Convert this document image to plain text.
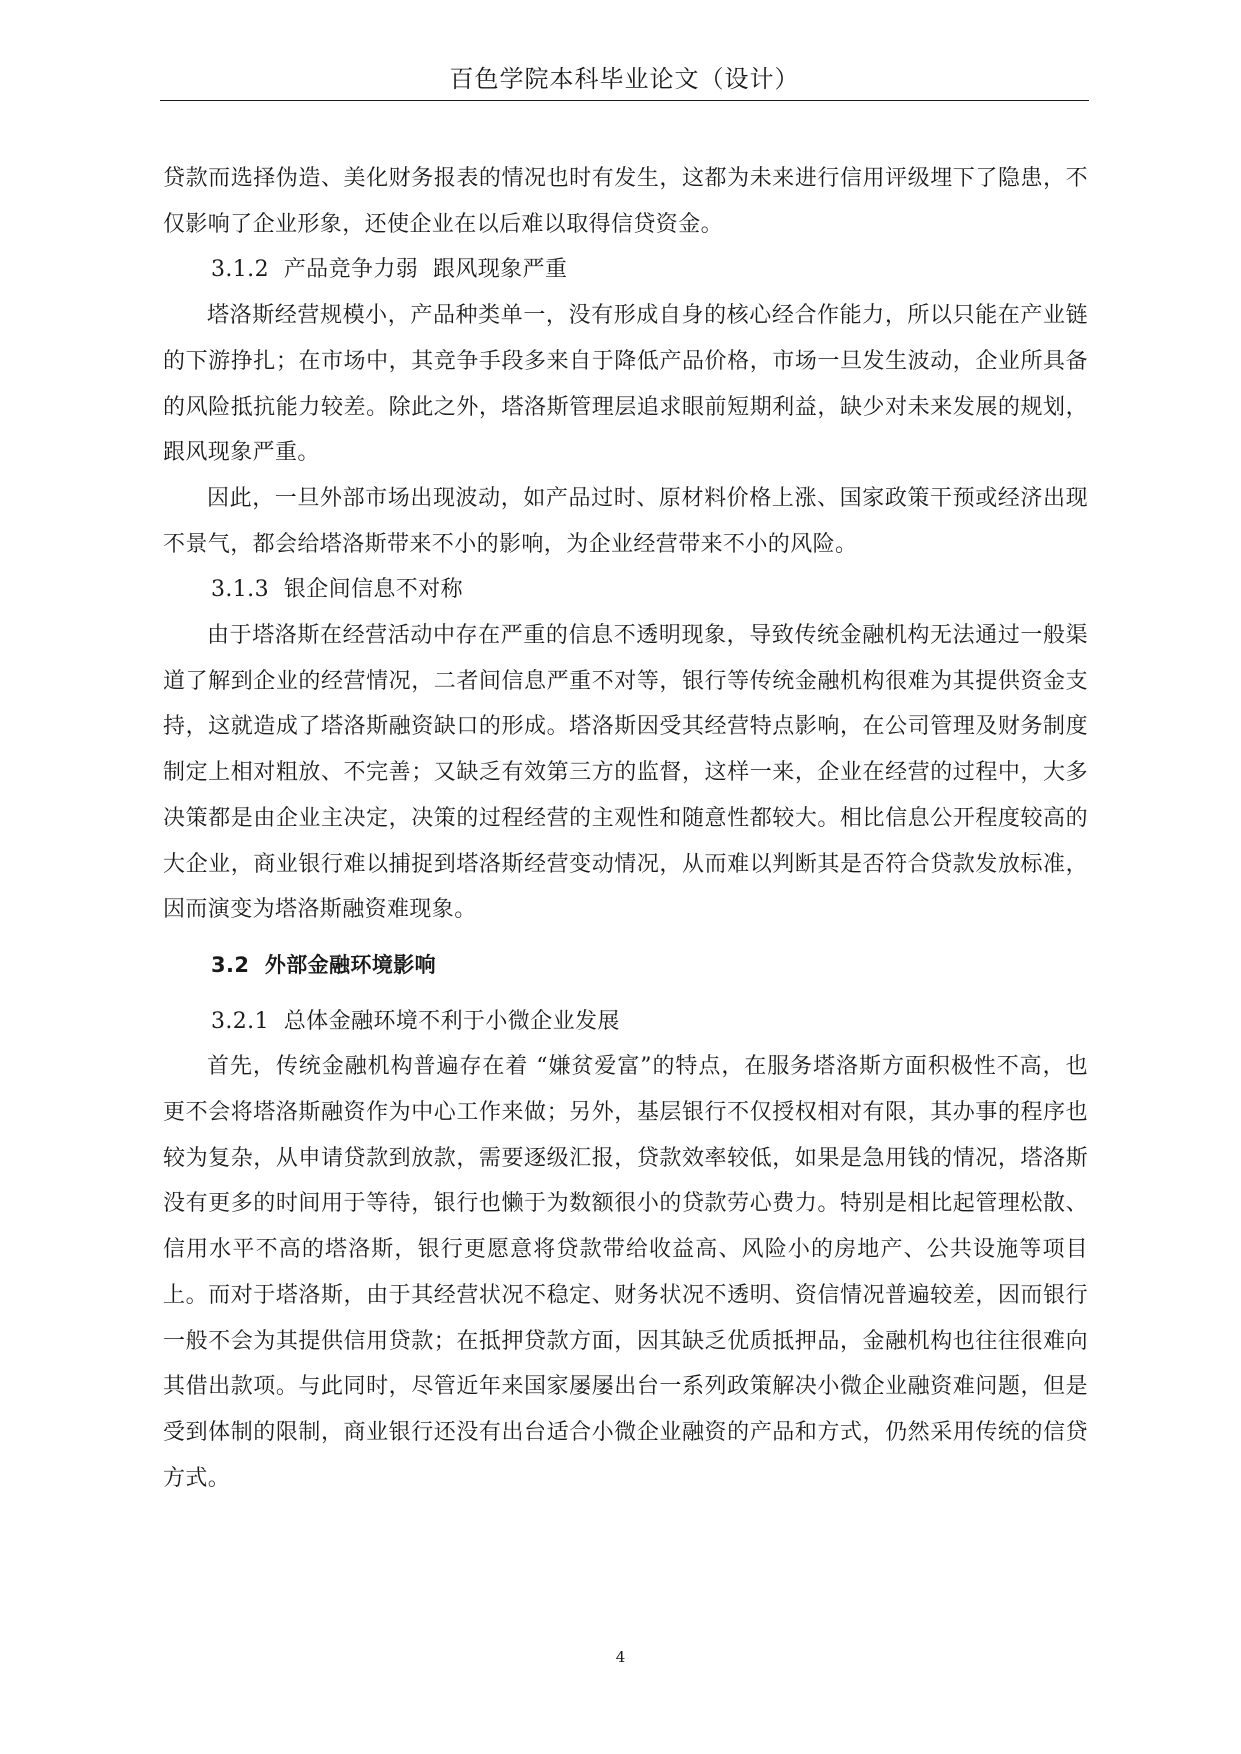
百色学院本科毕业论文（设计）

贷款而选择伪造、美化财务报表的情况也时有发生，这都为未来进行信用评级埋下了隐患，不仅影响了企业形象，还使企业在以后难以取得信贷资金。

3.1.2  产品竞争力弱  跟风现象严重

塔洛斯经营规模小，产品种类单一，没有形成自身的核心经合作能力，所以只能在产业链的下游挣扎；在市场中，其竞争手段多来自于降低产品价格，市场一旦发生波动，企业所具备的风险抵抗能力较差。除此之外，塔洛斯管理层追求眼前短期利益，缺少对未来发展的规划，跟风现象严重。

因此，一旦外部市场出现波动，如产品过时、原材料价格上涨、国家政策干预或经济出现不景气，都会给塔洛斯带来不小的影响，为企业经营带来不小的风险。

3.1.3  银企间信息不对称

由于塔洛斯在经营活动中存在严重的信息不透明现象，导致传统金融机构无法通过一般渠道了解到企业的经营情况，二者间信息严重不对等，银行等传统金融机构很难为其提供资金支持，这就造成了塔洛斯融资缺口的形成。塔洛斯因受其经营特点影响，在公司管理及财务制度制定上相对粗放、不完善；又缺乏有效第三方的监督，这样一来，企业在经营的过程中，大多决策都是由企业主决定，决策的过程经营的主观性和随意性都较大。相比信息公开程度较高的大企业，商业银行难以捕捉到塔洛斯经营变动情况，从而难以判断其是否符合贷款发放标准，因而演变为塔洛斯融资难现象。

3.2  外部金融环境影响

3.2.1  总体金融环境不利于小微企业发展

首先，传统金融机构普遍存在着 “嫌贫爱富”的特点，在服务塔洛斯方面积极性不高，也更不会将塔洛斯融资作为中心工作来做；另外，基层银行不仅授权相对有限，其办事的程序也较为复杂，从申请贷款到放款，需要逐级汇报，贷款效率较低，如果是急用钱的情况，塔洛斯没有更多的时间用于等待，银行也懒于为数额很小的贷款劳心费力。特别是相比起管理松散、信用水平不高的塔洛斯，银行更愿意将贷款带给收益高、风险小的房地产、公共设施等项目上。而对于塔洛斯，由于其经营状况不稳定、财务状况不透明、资信情况普遍较差，因而银行一般不会为其提供信用贷款；在抵押贷款方面，因其缺乏优质抵押品，金融机构也往往很难向其借出款项。与此同时，尽管近年来国家屡屡出台一系列政策解决小微企业融资难问题，但是受到体制的限制，商业银行还没有出台适合小微企业融资的产品和方式，仍然采用传统的信贷方式。

4
